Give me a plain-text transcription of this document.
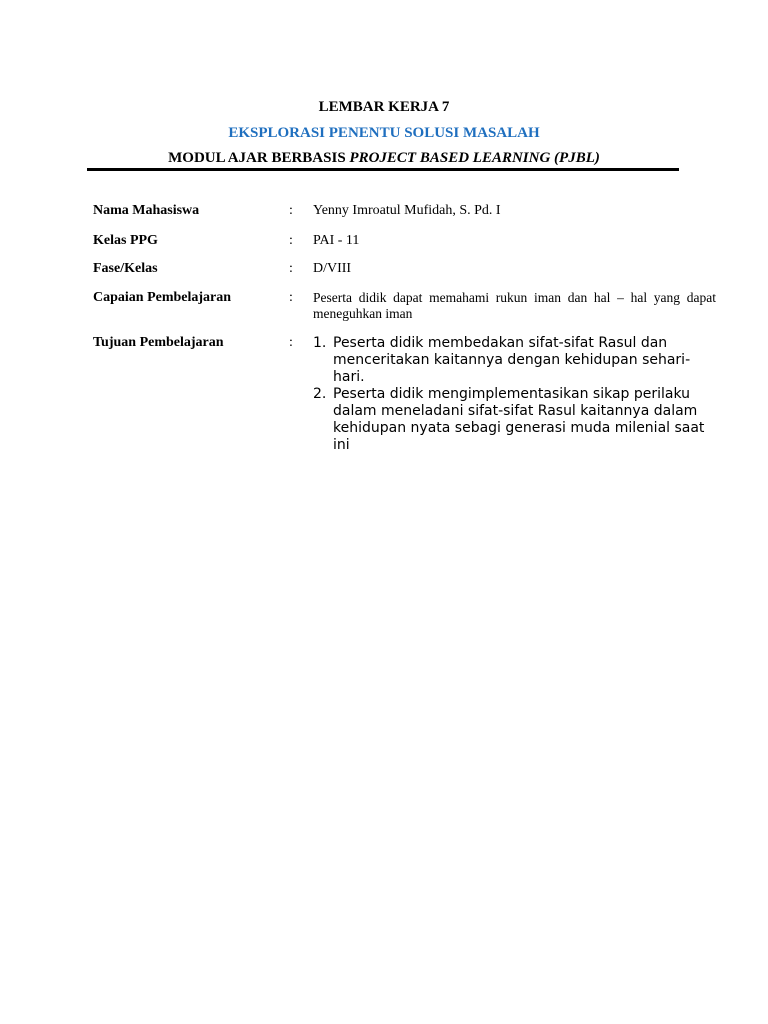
LEMBAR KERJA 7
EKSPLORASI PENENTU SOLUSI MASALAH
MODUL AJAR BERBASIS PROJECT BASED LEARNING (PJBL)
Nama Mahasiswa	: Yenny Imroatul Mufidah, S. Pd. I
Kelas PPG	: PAI - 11
Fase/Kelas	: D/VIII
Capaian Pembelajaran	: Peserta didik dapat memahami rukun iman dan hal – hal yang dapat meneguhkan iman
Tujuan Pembelajaran	: 1. Peserta didik membedakan sifat-sifat Rasul dan menceritakan kaitannya dengan kehidupan sehari-hari.
2. Peserta didik mengimplementasikan sikap perilaku dalam meneladani sifat-sifat Rasul kaitannya dalam kehidupan nyata sebagi generasi muda milenial saat ini
